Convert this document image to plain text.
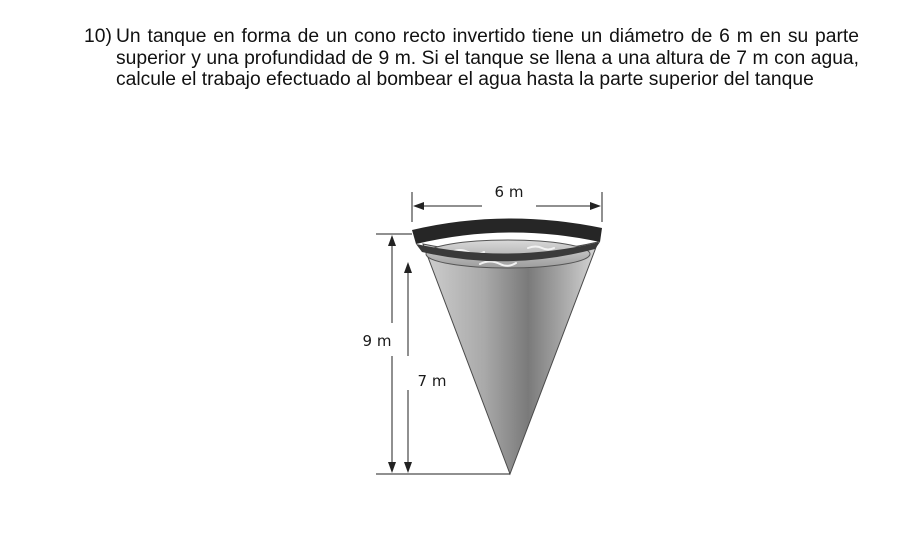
10) Un tanque en forma de un cono recto invertido tiene un diámetro de 6 m en su parte superior y una profundidad de 9 m. Si el tanque se llena a una altura de 7 m con agua, calcule el trabajo efectuado al bombear el agua hasta la parte superior del tanque
6 m
9 m
7 m
